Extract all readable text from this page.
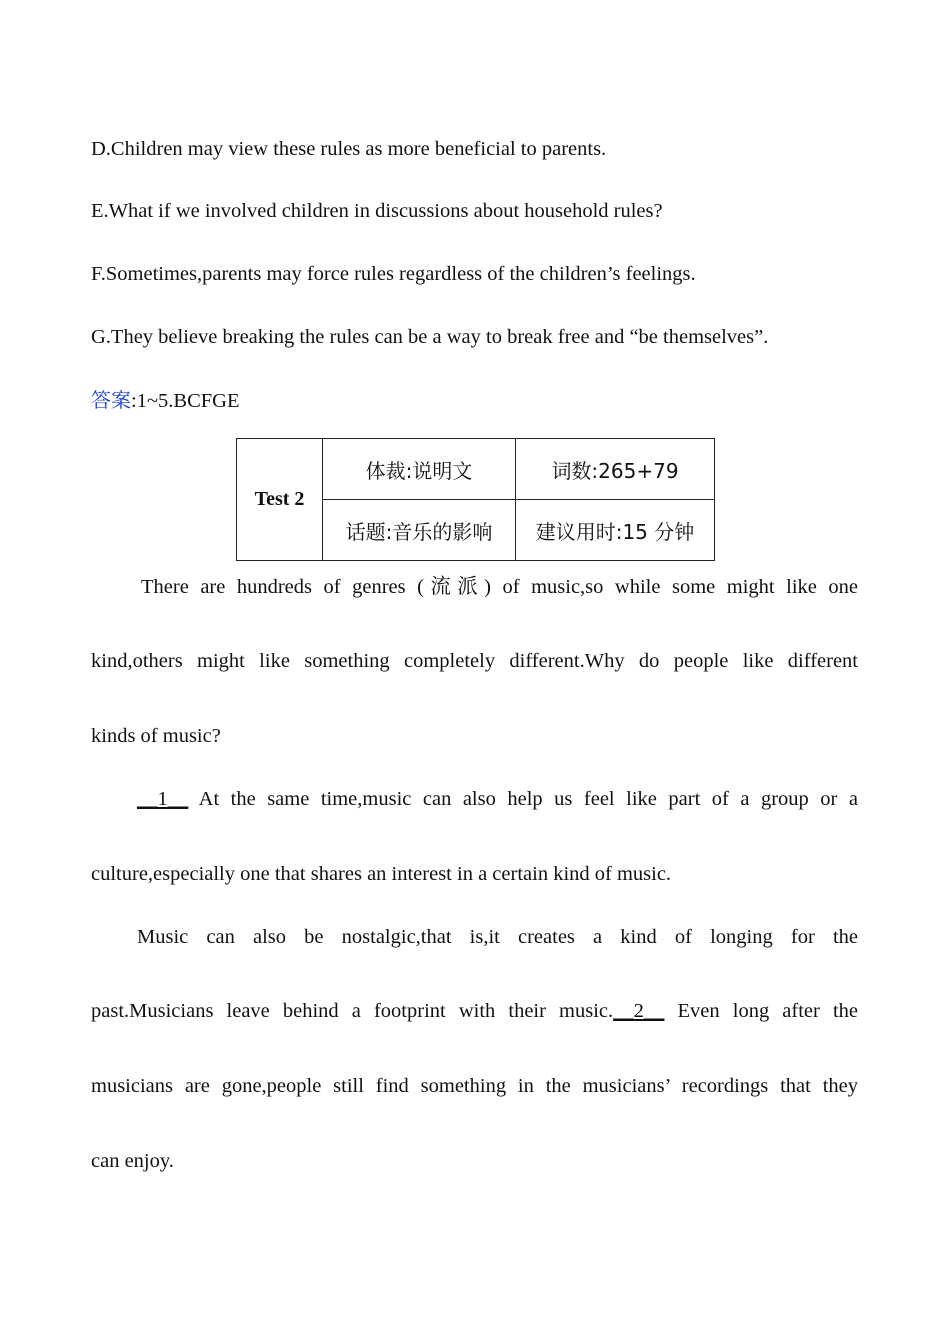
D.Children may view these rules as more beneficial to parents.
E.What if we involved children in discussions about household rules?
F.Sometimes,parents may force rules regardless of the children’s feelings.
G.They believe breaking the rules can be a way to break free and “be themselves”.
答案:1~5.BCFGE
Test 2	体裁:说明文	词数:265+79
	话题:音乐的影响	建议用时:15 分钟
There are hundreds of genres (流派) of music,so while some might like one
kind,others might like something completely different.Why do people like different
kinds of music?
__1__ At the same time,music can also help us feel like part of a group or a
culture,especially one that shares an interest in a certain kind of music.
Music can also be nostalgic,that is,it creates a kind of longing for the
past.Musicians leave behind a footprint with their music.__2__ Even long after the
musicians are gone,people still find something in the musicians’ recordings that they
can enjoy.
